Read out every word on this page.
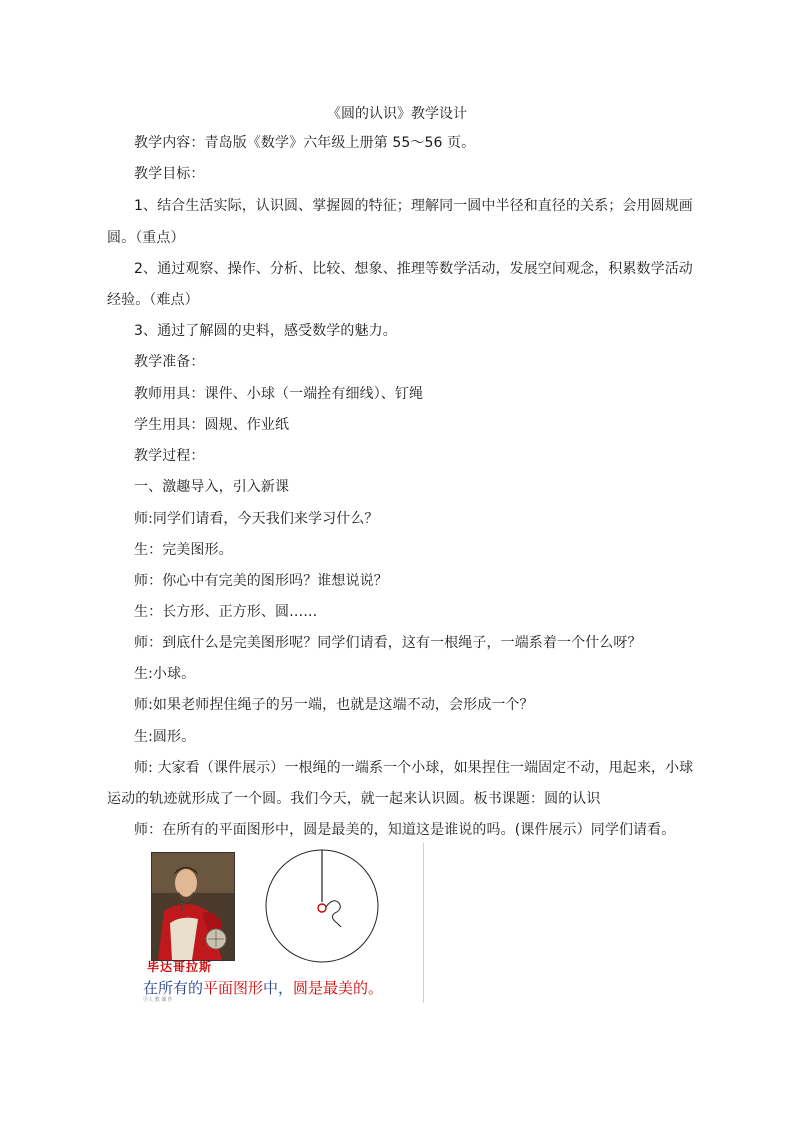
《圆的认识》教学设计
教学内容：青岛版《数学》六年级上册第 55～56 页。
教学目标：
1、结合生活实际，认识圆、掌握圆的特征；理解同一圆中半径和直径的关系；会用圆规画
圆。（重点）
2、通过观察、操作、分析、比较、想象、推理等数学活动，发展空间观念，积累数学活动
经验。（难点）
3、通过了解圆的史料，感受数学的魅力。
教学准备：
教师用具：课件、小球（一端拴有细线）、钉绳
学生用具：圆规、作业纸
教学过程：
一、激趣导入，引入新课
师:同学们请看，今天我们来学习什么？
生：完美图形。
师：你心中有完美的图形吗？谁想说说？
生：长方形、正方形、圆……
师：到底什么是完美图形呢？同学们请看，这有一根绳子，一端系着一个什么呀？
生:小球。
师:如果老师捏住绳子的另一端，也就是这端不动，会形成一个？
生:圆形。
师: 大家看（课件展示）一根绳的一端系一个小球，如果捏住一端固定不动，甩起来，小球
运动的轨迹就形成了一个圆。我们今天，就一起来认识圆。板书课题：圆的认识
师：在所有的平面图形中，圆是最美的，知道这是谁说的吗。(课件展示）同学们请看。
毕达哥拉斯
在所有的平面图形中，圆是最美的。
Ⓟ人 教 课 件
